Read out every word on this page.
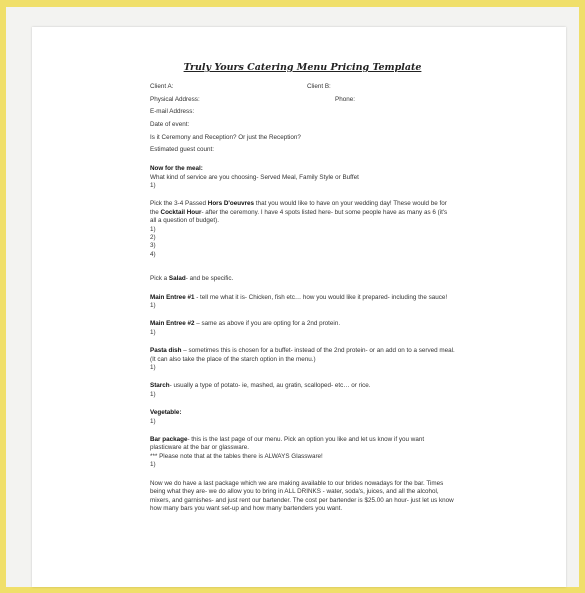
Truly Yours Catering Menu Pricing Template
Client A:	Client B:
Physical Address:	Phone:
E-mail Address:
Date of event:
Is it Ceremony and Reception? Or just the Reception?
Estimated guest count:

Now for the meal:
What kind of service are you choosing- Served Meal, Family Style or Buffet
1)

Pick the 3-4 Passed Hors D'oeuvres that you would like to have on your wedding day! These would be for the Cocktail Hour- after the ceremony. I have 4 spots listed here- but some people have as many as 6 (it's all a question of budget).
1)
2)
3)
4)

Pick a Salad- and be specific.

Main Entree #1 - tell me what it is- Chicken, fish etc… how you would like it prepared- including the sauce!
1)

Main Entree #2 – same as above if you are opting for a 2nd protein.
1)

Pasta dish – sometimes this is chosen for a buffet- instead of the 2nd protein- or an add on to a served meal. (It can also take the place of the starch option in the menu.)
1)

Starch- usually a type of potato- ie, mashed, au gratin, scalloped- etc… or rice.
1)

Vegetable:
1)

Bar package- this is the last page of our menu. Pick an option you like and let us know if you want plasticware at the bar or glassware.
*** Please note that at the tables there is ALWAYS Glassware!
1)

Now we do have a last package which we are making available to our brides nowadays for the bar. Times being what they are- we do allow you to bring in ALL DRINKS - water, soda's, juices, and all the alcohol, mixers, and garnishes- and just rent our bartender. The cost per bartender is $25.00 an hour- just let us know how many bars you want set-up and how many bartenders you want.
